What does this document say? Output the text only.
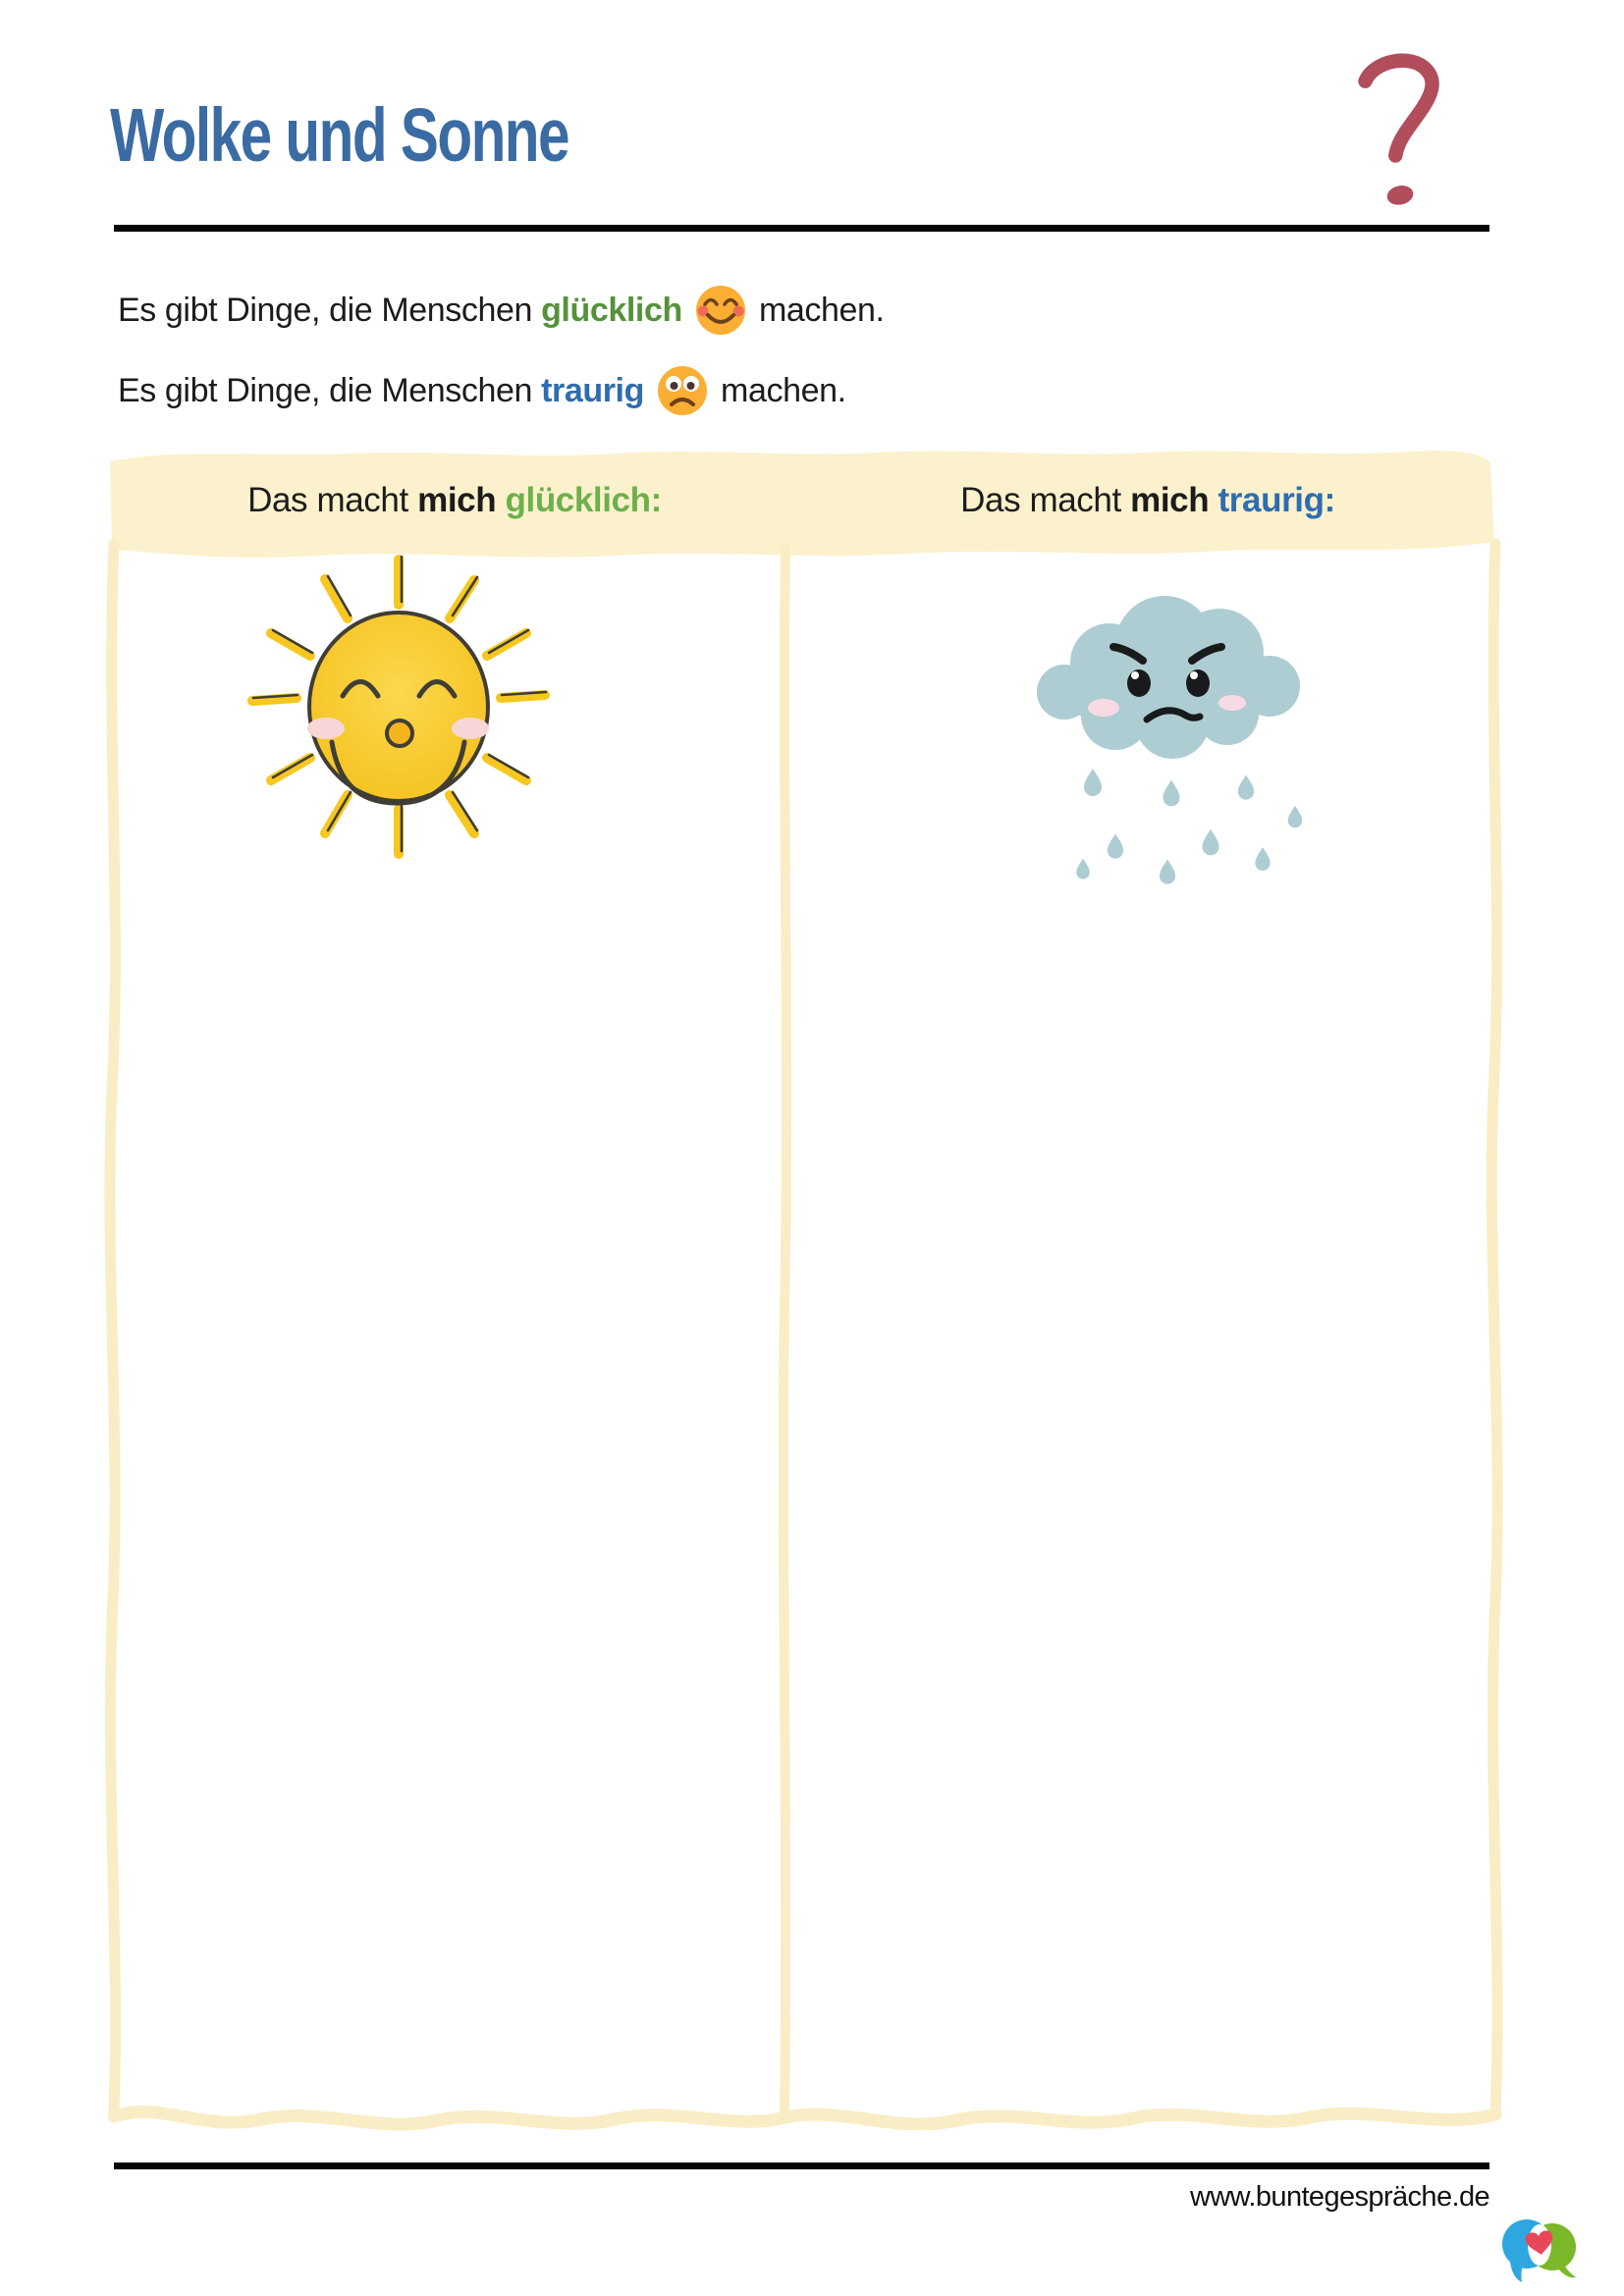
Wolke und Sonne
Es gibt Dinge, die Menschen glücklich  machen.
Es gibt Dinge, die Menschen traurig  machen.
Das macht mich glücklich:	Das macht mich traurig:
www.buntegespräche.de
